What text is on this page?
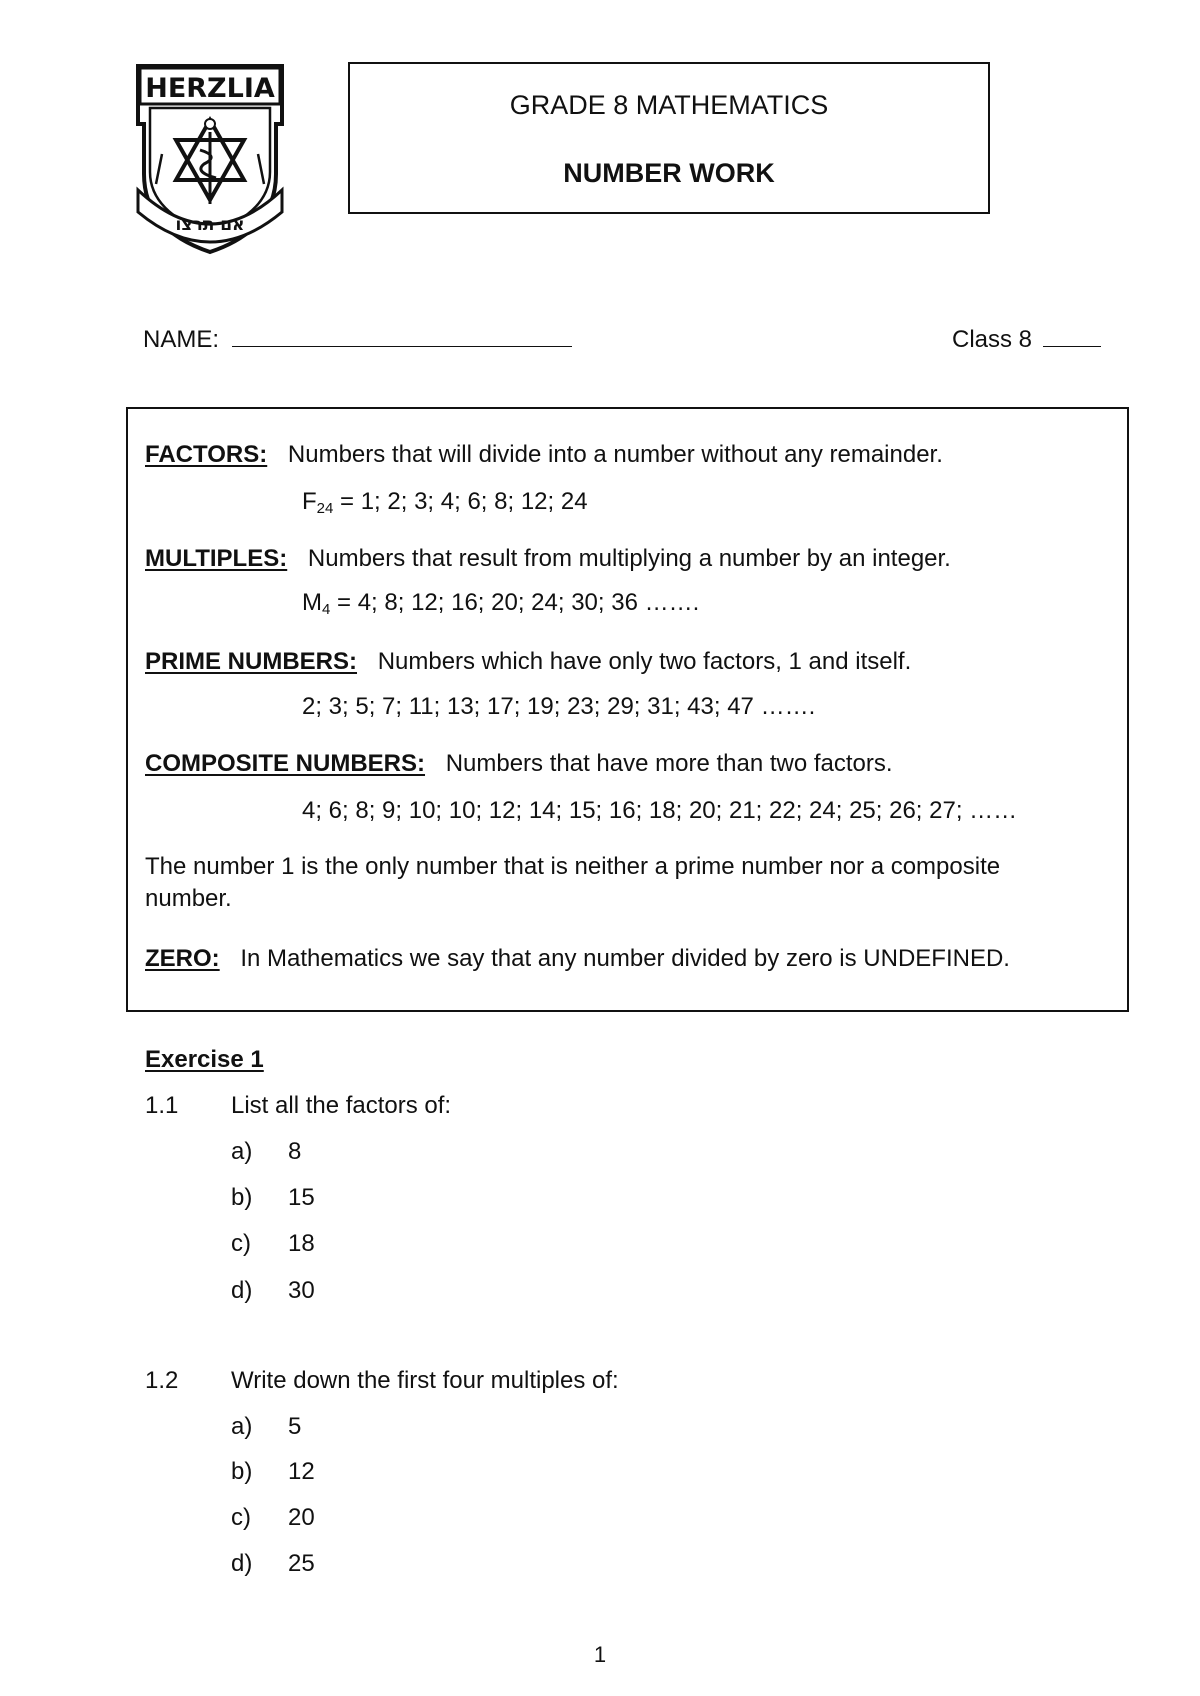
HERZLIA
אם תרצו
GRADE 8 MATHEMATICS
NUMBER WORK
NAME:	Class 8
FACTORS: Numbers that will divide into a number without any remainder.
$F_{24} = 1$; 2; 3; 4; 6; 8; 12; 24
MULTIPLES: Numbers that result from multiplying a number by an integer.
$M_4 = 4$; 8; 12; 16; 20; 24; 30; 36 …….
PRIME NUMBERS: Numbers which have only two factors, 1 and itself.
2; 3; 5; 7; 11; 13; 17; 19; 23; 29; 31; 43; 47 …….
COMPOSITE NUMBERS: Numbers that have more than two factors.
4; 6; 8; 9; 10; 10; 12; 14; 15; 16; 18; 20; 21; 22; 24; 25; 26; 27; ……
The number 1 is the only number that is neither a prime number nor a composite
number.
ZERO: In Mathematics we say that any number divided by zero is UNDEFINED.
Exercise 1
1.1 List all the factors of:
a) 8
b) 15
c) 18
d) 30
1.2 Write down the first four multiples of:
a) 5
b) 12
c) 20
d) 25
1
